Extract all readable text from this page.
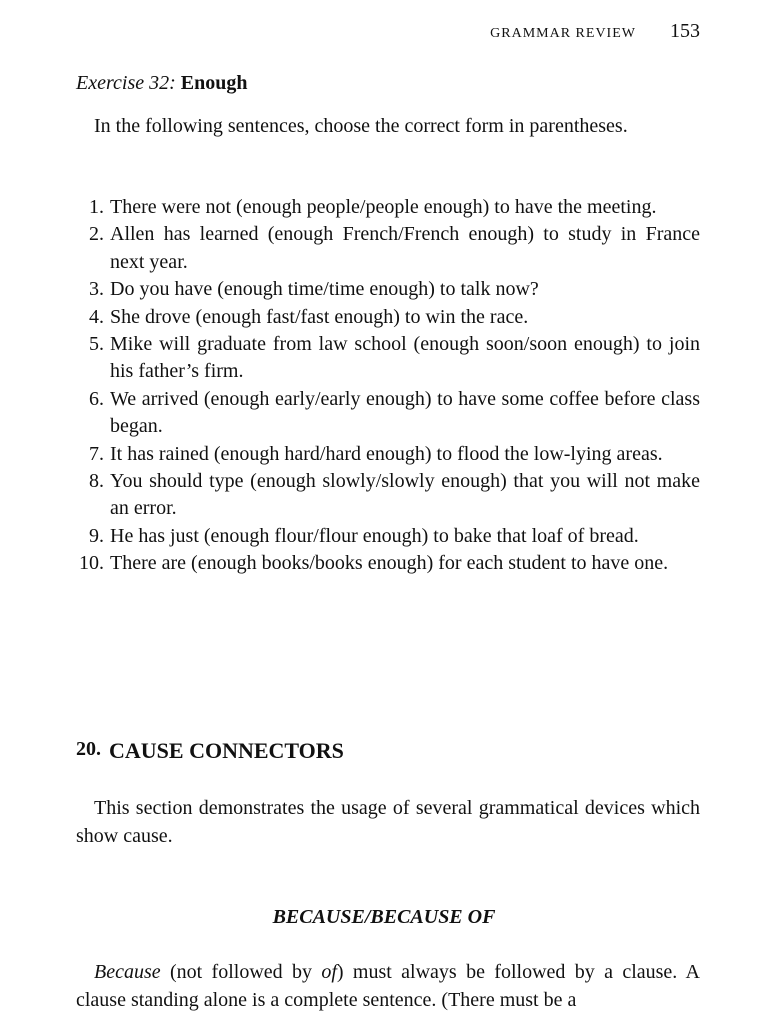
GRAMMAR REVIEW 153
Exercise 32: Enough
In the following sentences, choose the correct form in parentheses.
1. There were not (enough people/people enough) to have the meeting.
2. Allen has learned (enough French/French enough) to study in France next year.
3. Do you have (enough time/time enough) to talk now?
4. She drove (enough fast/fast enough) to win the race.
5. Mike will graduate from law school (enough soon/soon enough) to join his father’s firm.
6. We arrived (enough early/early enough) to have some coffee before class began.
7. It has rained (enough hard/hard enough) to flood the low-lying areas.
8. You should type (enough slowly/slowly enough) that you will not make an error.
9. He has just (enough flour/flour enough) to bake that loaf of bread.
10. There are (enough books/books enough) for each student to have one.
20. CAUSE CONNECTORS
This section demonstrates the usage of several grammatical devices which show cause.
BECAUSE/BECAUSE OF
Because (not followed by of) must always be followed by a clause. A clause standing alone is a complete sentence. (There must be a
